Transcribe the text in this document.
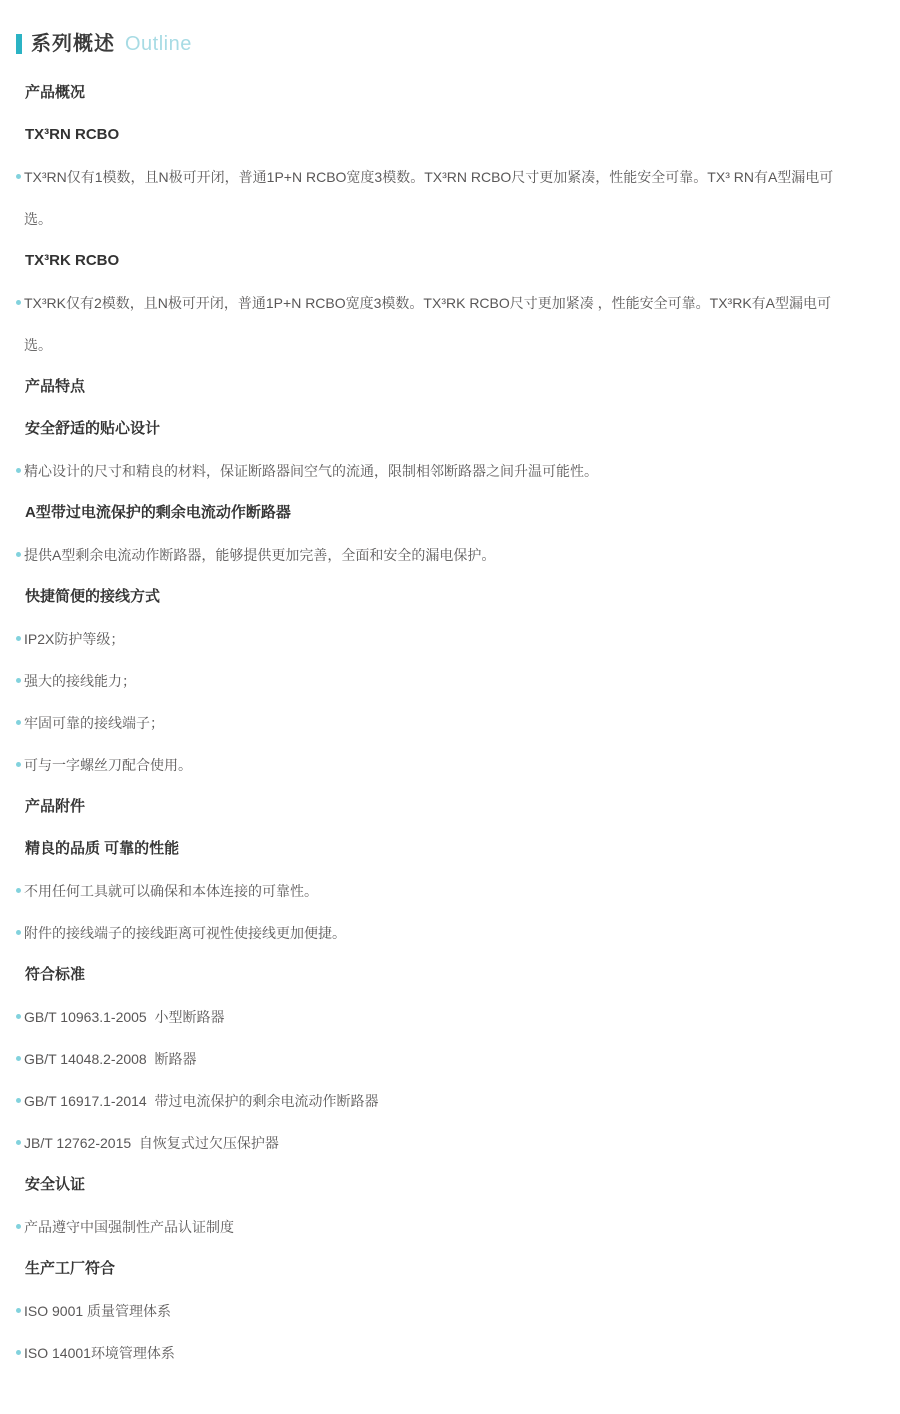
系列概述 Outline
产品概况
TX³RN RCBO
TX³RN仅有1模数，且N极可开闭，普通1P+N RCBO宽度3模数。TX³RN RCBO尺寸更加紧凑，性能安全可靠。TX³ RN有A型漏电可选。
TX³RK RCBO
TX³RK仅有2模数，且N极可开闭，普通1P+N RCBO宽度3模数。TX³RK RCBO尺寸更加紧凑 ，性能安全可靠。TX³RK有A型漏电可选。
产品特点
安全舒适的贴心设计
精心设计的尺寸和精良的材料，保证断路器间空气的流通，限制相邻断路器之间升温可能性。
A型带过电流保护的剩余电流动作断路器
提供A型剩余电流动作断路器，能够提供更加完善，全面和安全的漏电保护。
快捷简便的接线方式
IP2X防护等级；
强大的接线能力；
牢固可靠的接线端子；
可与一字螺丝刀配合使用。
产品附件
精良的品质 可靠的性能
不用任何工具就可以确保和本体连接的可靠性。
附件的接线端子的接线距离可视性使接线更加便捷。
符合标准
GB/T 10963.1-2005  小型断路器
GB/T 14048.2-2008  断路器
GB/T 16917.1-2014  带过电流保护的剩余电流动作断路器
JB/T 12762-2015  自恢复式过欠压保护器
安全认证
产品遵守中国强制性产品认证制度
生产工厂符合
ISO 9001 质量管理体系
ISO 14001环境管理体系
